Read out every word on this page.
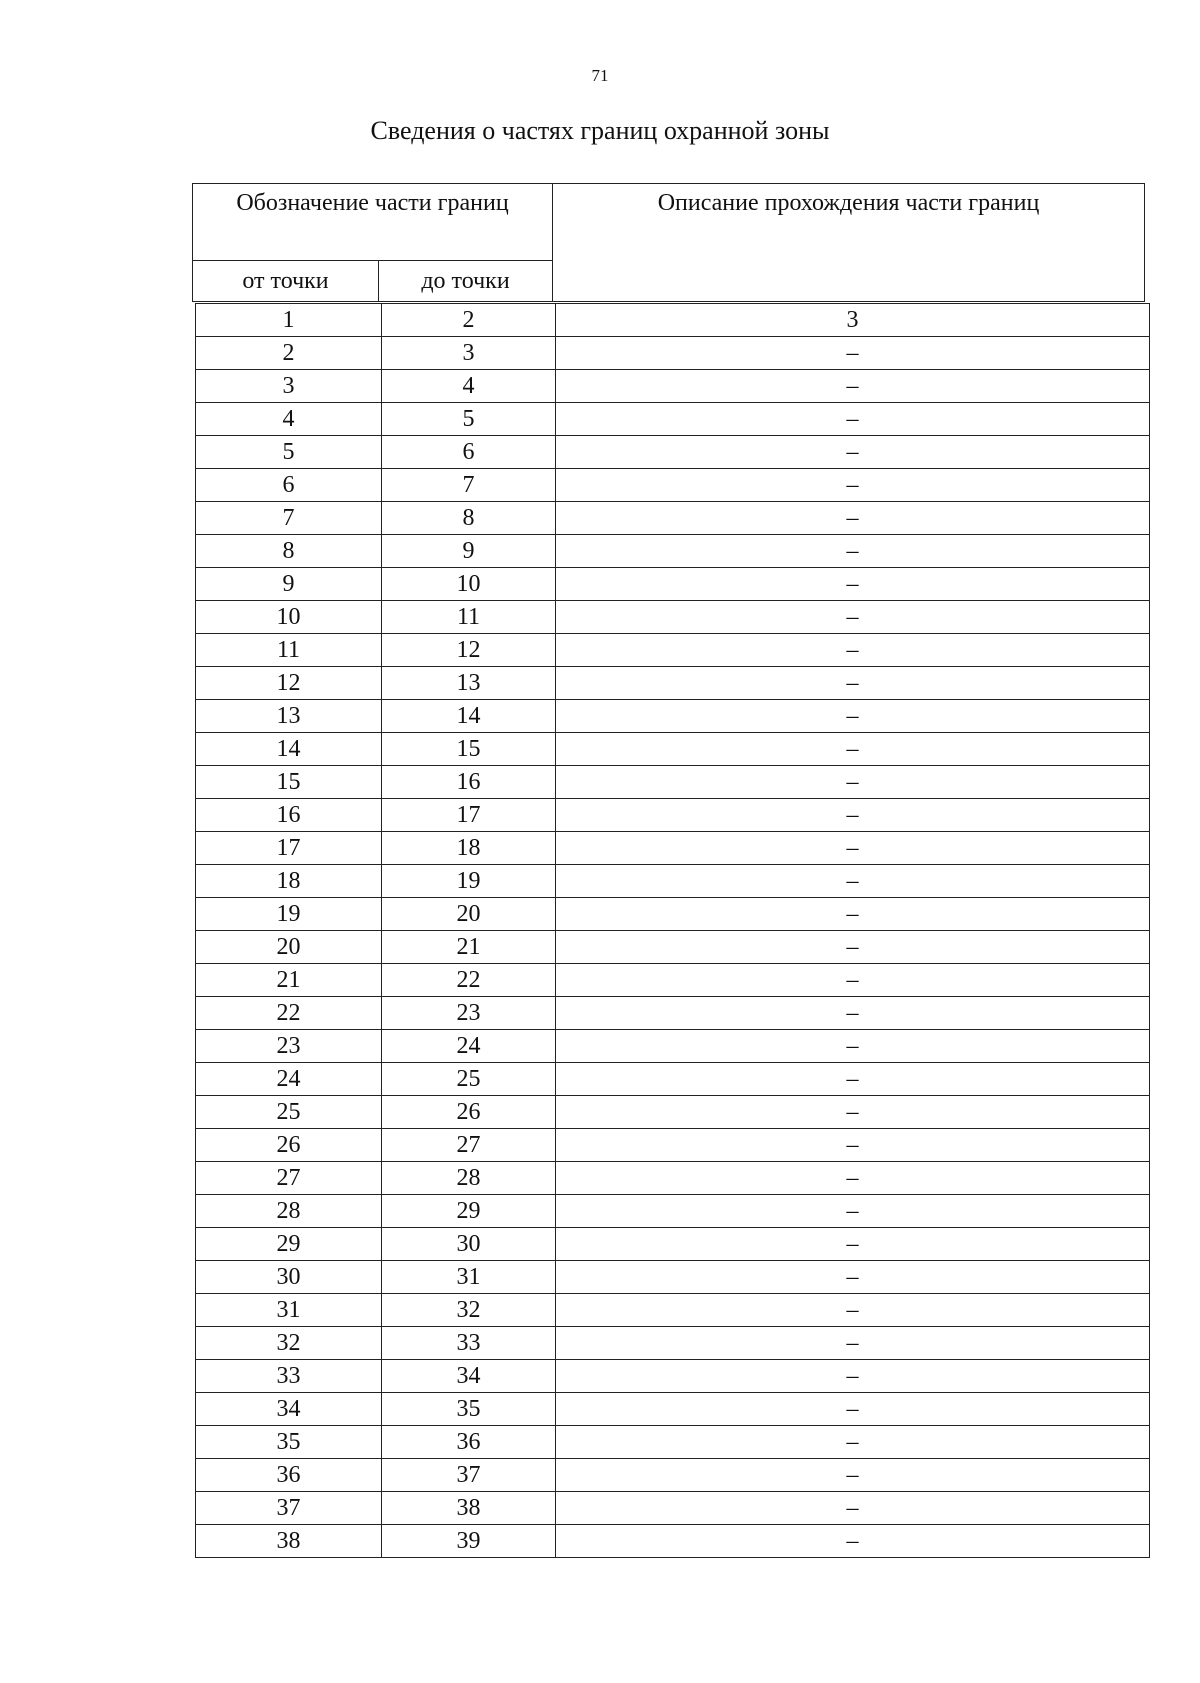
71
Сведения о частях границ охранной зоны
Обозначение части границ		Описание прохождения части границ
от точки	до точки	
1	2	3
2	3	–
3	4	–
4	5	–
5	6	–
6	7	–
7	8	–
8	9	–
9	10	–
10	11	–
11	12	–
12	13	–
13	14	–
14	15	–
15	16	–
16	17	–
17	18	–
18	19	–
19	20	–
20	21	–
21	22	–
22	23	–
23	24	–
24	25	–
25	26	–
26	27	–
27	28	–
28	29	–
29	30	–
30	31	–
31	32	–
32	33	–
33	34	–
34	35	–
35	36	–
36	37	–
37	38	–
38	39	–
